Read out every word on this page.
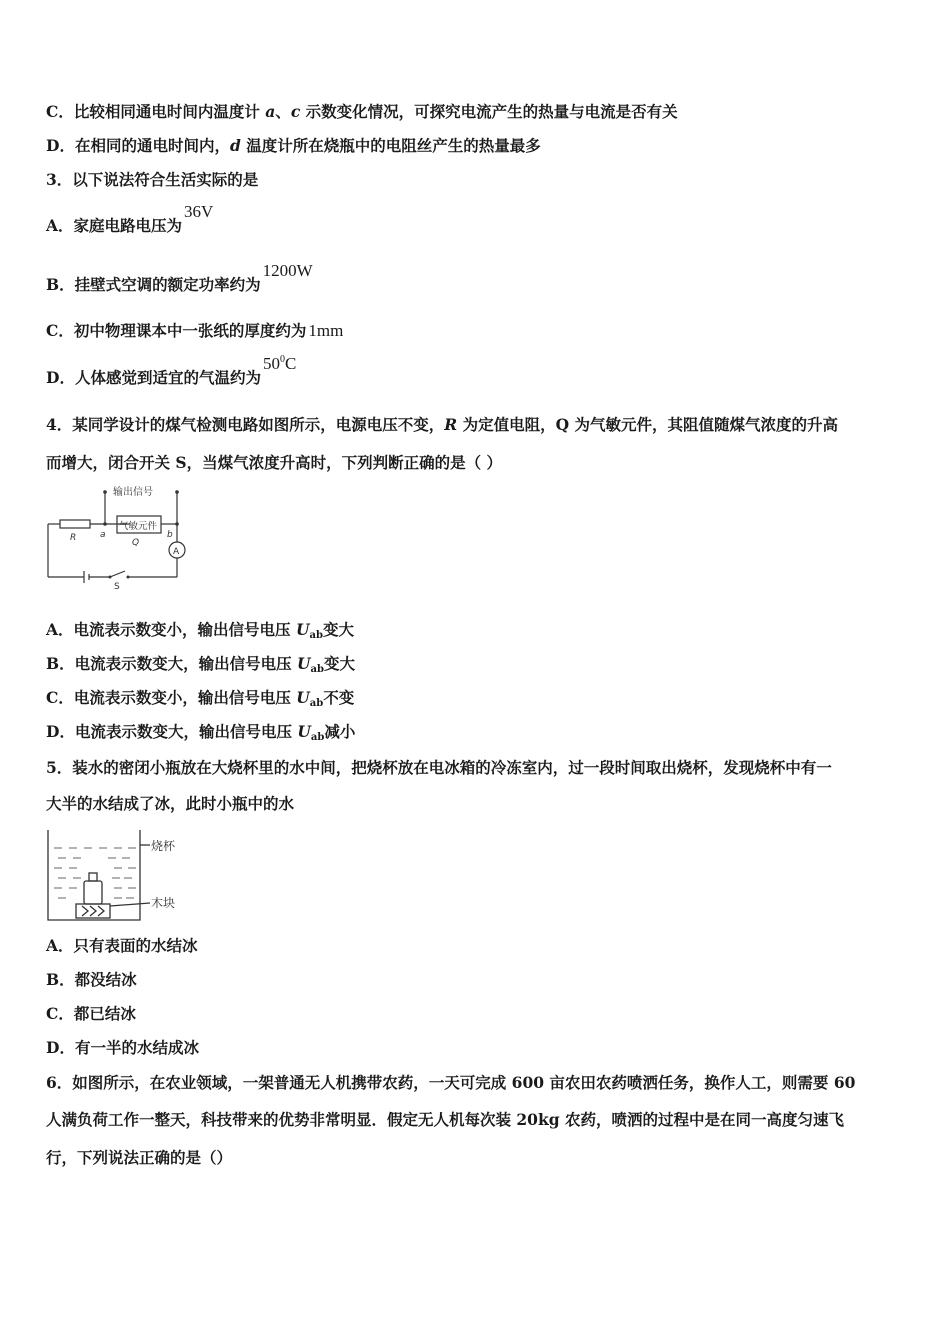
C．比较相同通电时间内温度计 a、c 示数变化情况，可探究电流产生的热量与电流是否有关
D．在相同的通电时间内，d 温度计所在烧瓶中的电阻丝产生的热量最多
3．以下说法符合生活实际的是
A．家庭电路电压为36V
B．挂壁式空调的额定功率约为1200W
C．初中物理课本中一张纸的厚度约为 1mm
D．人体感觉到适宜的气温约为$50^0C$
4．某同学设计的煤气检测电路如图所示，电源电压不变，R 为定值电阻，Q 为气敏元件，其阻值随煤气浓度的升高
而增大，闭合开关 S，当煤气浓度升高时，下列判断正确的是（ ）
输出信号
气敏元件
R	a	b
Q
A
S
A．电流表示数变小，输出信号电压 Uab变大
B．电流表示数变大，输出信号电压 Uab变大
C．电流表示数变小，输出信号电压 Uab不变
D．电流表示数变大，输出信号电压 Uab减小
5．装水的密闭小瓶放在大烧杯里的水中间，把烧杯放在电冰箱的冷冻室内，过一段时间取出烧杯，发现烧杯中有一
大半的水结成了冰，此时小瓶中的水
烧杯
木块
A．只有表面的水结冰
B．都没结冰
C．都已结冰
D．有一半的水结成冰
6．如图所示，在农业领域，一架普通无人机携带农药，一天可完成 600 亩农田农药喷洒任务，换作人工，则需要 60
人满负荷工作一整天，科技带来的优势非常明显．假定无人机每次装 20kg 农药，喷洒的过程中是在同一高度匀速飞
行，下列说法正确的是（）
